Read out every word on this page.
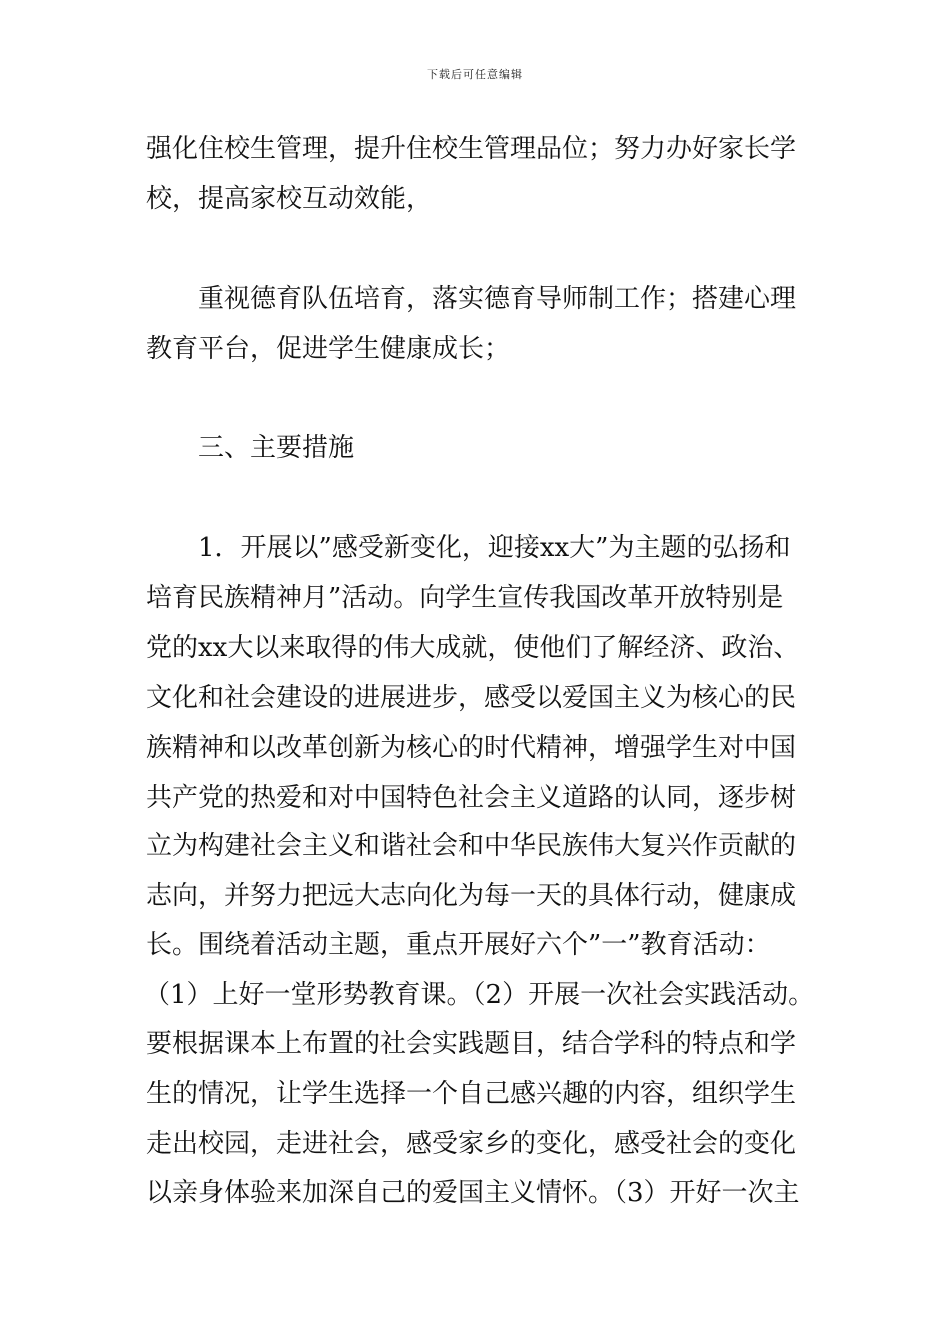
下载后可任意编辑
强化住校生管理，提升住校生管理品位；努力办好家长学
校，提高家校互动效能，
重视德育队伍培育，落实德育导师制工作；搭建心理
教育平台，促进学生健康成长；
三、主要措施
1．开展以”感受新变化，迎接xx大”为主题的弘扬和
培育民族精神月”活动。向学生宣传我国改革开放特别是
党的xx大以来取得的伟大成就，使他们了解经济、政治、
文化和社会建设的进展进步，感受以爱国主义为核心的民
族精神和以改革创新为核心的时代精神，增强学生对中国
共产党的热爱和对中国特色社会主义道路的认同，逐步树
立为构建社会主义和谐社会和中华民族伟大复兴作贡献的
志向，并努力把远大志向化为每一天的具体行动，健康成
长。围绕着活动主题，重点开展好六个”一”教育活动：
（1）上好一堂形势教育课。（2）开展一次社会实践活动。
要根据课本上布置的社会实践题目，结合学科的特点和学
生的情况，让学生选择一个自己感兴趣的内容，组织学生
走出校园，走进社会，感受家乡的变化，感受社会的变化
以亲身体验来加深自己的爱国主义情怀。（3）开好一次主
